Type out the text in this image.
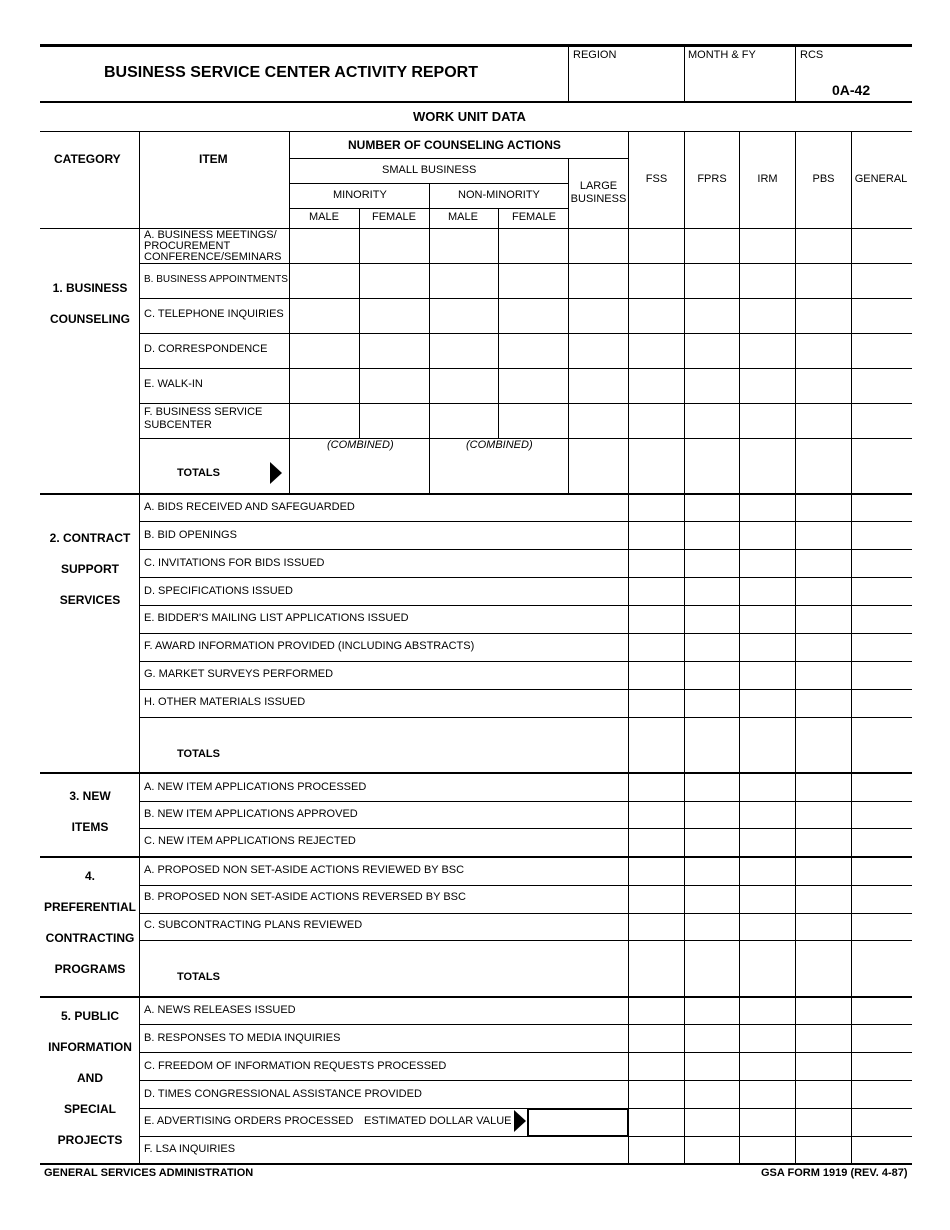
BUSINESS SERVICE CENTER ACTIVITY REPORT
REGION	MONTH & FY	RCS
0A-42
WORK UNIT DATA
CATEGORY	ITEM
NUMBER OF COUNSELING ACTIONS
SMALL BUSINESS
MINORITY	NON-MINORITY
MALE	FEMALE	MALE	FEMALE
LARGE
BUSINESS
FSS	FPRS	IRM	PBS	GENERAL
1. BUSINESS
COUNSELING
A. BUSINESS MEETINGS/
PROCUREMENT
CONFERENCE/SEMINARS
B. BUSINESS APPOINTMENTS
C. TELEPHONE INQUIRIES
D. CORRESPONDENCE
E. WALK-IN
F. BUSINESS SERVICE
SUBCENTER
(COMBINED)	(COMBINED)
TOTALS
2. CONTRACT
SUPPORT
SERVICES
A. BIDS RECEIVED AND SAFEGUARDED
B. BID OPENINGS
C. INVITATIONS FOR BIDS ISSUED
D. SPECIFICATIONS ISSUED
E. BIDDER'S MAILING LIST APPLICATIONS ISSUED
F. AWARD INFORMATION PROVIDED (INCLUDING ABSTRACTS)
G. MARKET SURVEYS PERFORMED
H. OTHER MATERIALS ISSUED
TOTALS
3. NEW
ITEMS
A. NEW ITEM APPLICATIONS PROCESSED
B. NEW ITEM APPLICATIONS APPROVED
C. NEW ITEM APPLICATIONS REJECTED
4.
PREFERENTIAL
CONTRACTING
PROGRAMS
A. PROPOSED NON SET-ASIDE ACTIONS REVIEWED BY BSC
B. PROPOSED NON SET-ASIDE ACTIONS REVERSED BY BSC
C. SUBCONTRACTING PLANS REVIEWED
TOTALS
5. PUBLIC
INFORMATION
AND
SPECIAL
PROJECTS
A. NEWS RELEASES ISSUED
B. RESPONSES TO MEDIA INQUIRIES
C. FREEDOM OF INFORMATION REQUESTS PROCESSED
D. TIMES CONGRESSIONAL ASSISTANCE PROVIDED
E. ADVERTISING ORDERS PROCESSED ESTIMATED DOLLAR VALUE
F. LSA INQUIRIES
GENERAL SERVICES ADMINISTRATION	GSA FORM 1919 (REV. 4-87)
